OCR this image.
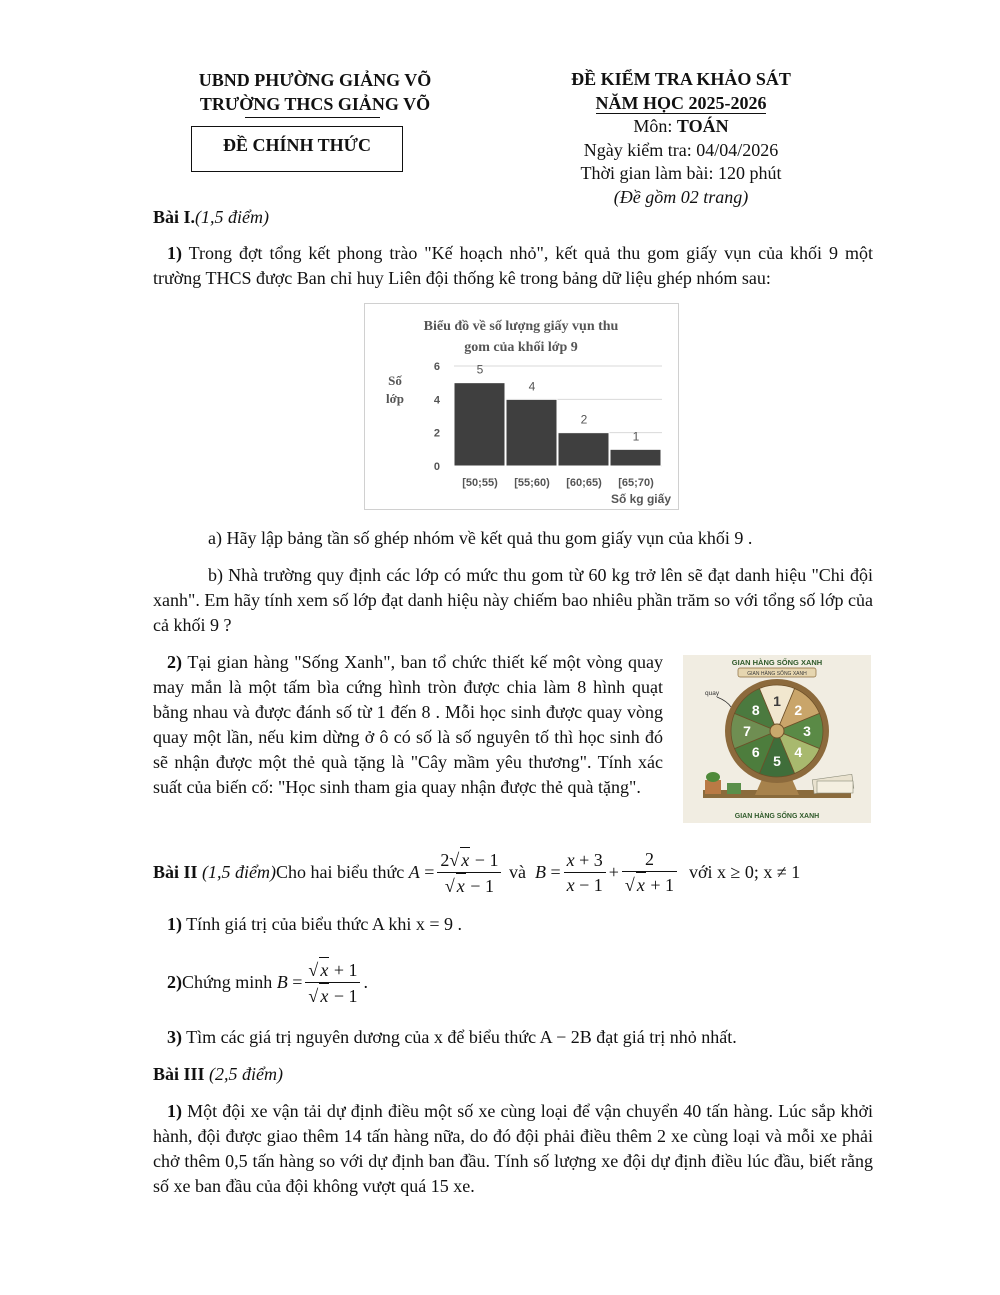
UBND PHƯỜNG GIẢNG VÕ
TRƯỜNG THCS GIẢNG VÕ
ĐỀ CHÍNH THỨC
ĐỀ KIỂM TRA KHẢO SÁT
NĂM HỌC 2025-2026
Môn: TOÁN
Ngày kiểm tra: 04/04/2026
Thời gian làm bài: 120 phút
(Đề gồm 02 trang)
Bài I.(1,5 điểm)
1) Trong đợt tổng kết phong trào "Kế hoạch nhỏ", kết quả thu gom giấy vụn của khối 9 một trường THCS được Ban chỉ huy Liên đội thống kê trong bảng dữ liệu ghép nhóm sau:
Biểu đồ về số lượng giấy vụn thu
gom của khối lớp 9
Số
lớp
0
2
4
6	5
4
2
1
[50;55) [55;60) [60;65) [65;70)
Số kg giấy
a) Hãy lập bảng tần số ghép nhóm về kết quả thu gom giấy vụn của khối 9 .
b) Nhà trường quy định các lớp có mức thu gom từ 60 kg trở lên sẽ đạt danh hiệu "Chi đội xanh". Em hãy tính xem số lớp đạt danh hiệu này chiếm bao nhiêu phần trăm so với tổng số lớp của cả khối 9 ?
2) Tại gian hàng "Sống Xanh", ban tổ chức thiết kế một vòng quay may mắn là một tấm bìa cứng hình tròn được chia làm 8 hình quạt bằng nhau và được đánh số từ 1 đến 8 . Mỗi học sinh được quay vòng quay một lần, nếu kim dừng ở ô có số là số nguyên tố thì học sinh đó sẽ nhận được một thẻ quà tặng là "Cây mầm yêu thương". Tính xác suất của biến cố: "Học sinh tham gia quay nhận được thẻ quà tặng".
GIAN HÀNG SỐNG XANH
GIAN HÀNG SỐNG XANH
1
2
3
4
5
6
7
8
quay
GIAN HÀNG SỐNG XANH
Bài II
(1,5 điểm) Cho hai biểu thức $A = \frac{2√ x - 1}{√ x - 1}$
và
$B = \frac{x + 3}{x - 1} + \frac{2}{√ x + 1}$
với x ≥ 0; x ≠ 1
1) Tính giá trị của biểu thức A khi x = 9 .
2) Chứng minh
$B = \frac{√ x + 1}{√ x - 1}$ .
3) Tìm các giá trị nguyên dương của x để biểu thức A − 2B đạt giá trị nhỏ nhất.
Bài III (2,5 điểm)
1) Một đội xe vận tải dự định điều một số xe cùng loại để vận chuyển 40 tấn hàng. Lúc sắp khởi hành, đội được giao thêm 14 tấn hàng nữa, do đó đội phải điều thêm 2 xe cùng loại và mỗi xe phải chở thêm 0,5 tấn hàng so với dự định ban đầu. Tính số lượng xe đội dự định điều lúc đầu, biết rằng số xe ban đầu của đội không vượt quá 15 xe.
